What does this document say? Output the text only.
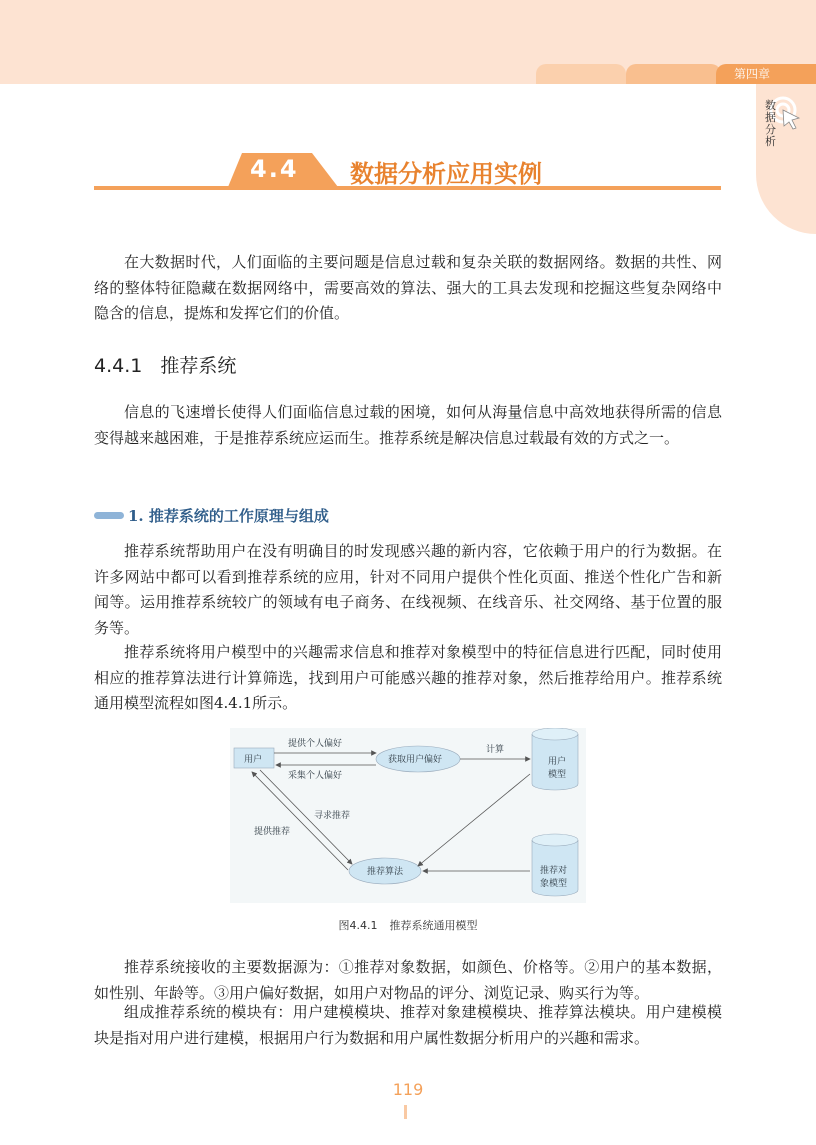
第四章
数据分析
4.4 数据分析应用实例

在大数据时代，人们面临的主要问题是信息过载和复杂关联的数据网络。数据的共性、网络的整体特征隐藏在数据网络中，需要高效的算法、强大的工具去发现和挖掘这些复杂网络中隐含的信息，提炼和发挥它们的价值。

4.4.1 推荐系统

信息的飞速增长使得人们面临信息过载的困境，如何从海量信息中高效地获得所需的信息变得越来越困难，于是推荐系统应运而生。推荐系统是解决信息过载最有效的方式之一。

1. 推荐系统的工作原理与组成

推荐系统帮助用户在没有明确目的时发现感兴趣的新内容，它依赖于用户的行为数据。在许多网站中都可以看到推荐系统的应用，针对不同用户提供个性化页面、推送个性化广告和新闻等。运用推荐系统较广的领域有电子商务、在线视频、在线音乐、社交网络、基于位置的服务等。

推荐系统将用户模型中的兴趣需求信息和推荐对象模型中的特征信息进行匹配，同时使用相应的推荐算法进行计算筛选，找到用户可能感兴趣的推荐对象，然后推荐给用户。推荐系统通用模型流程如图4.4.1所示。

用户	获取用户偏好	用户
模型
推荐算法	推荐对
象模型
提供个人偏好
采集个人偏好
计算
寻求推荐
提供推荐
图4.4.1 推荐系统通用模型

推荐系统接收的主要数据源为：①推荐对象数据，如颜色、价格等。②用户的基本数据，如性别、年龄等。③用户偏好数据，如用户对物品的评分、浏览记录、购买行为等。

组成推荐系统的模块有：用户建模模块、推荐对象建模模块、推荐算法模块。用户建模模块是指对用户进行建模，根据用户行为数据和用户属性数据分析用户的兴趣和需求。

119
